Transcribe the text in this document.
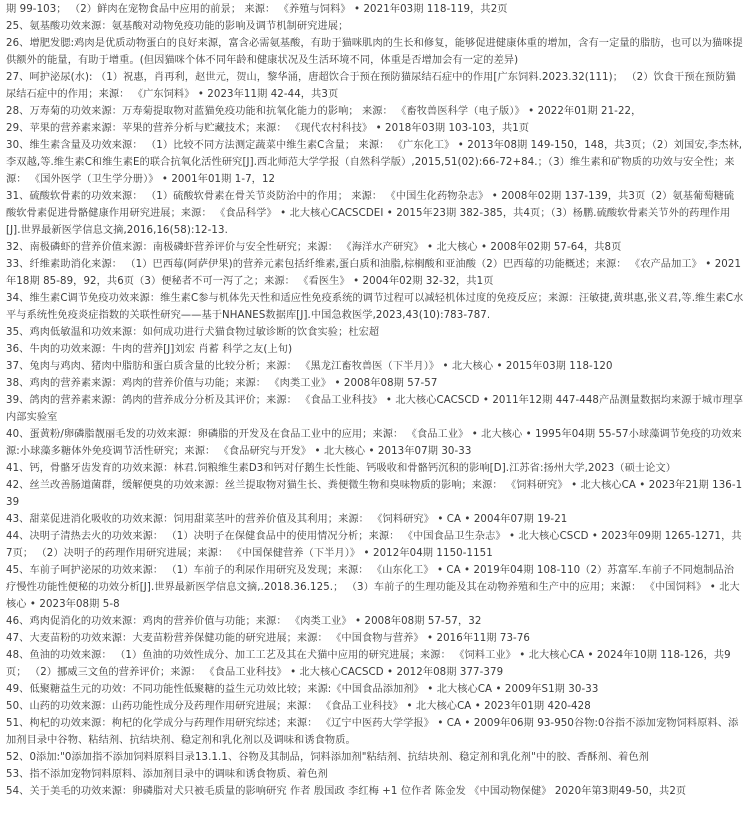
期 99-103； （2）鲜肉在宠物食品中应用的前景； 来源： 《养殖与饲料》 • 2021年03期 118-119，共2页

25、氨基酸功效来源：氨基酸对动物免疫功能的影响及调节机制研究进展；

26、增肥发腮:鸡肉是优质动物蛋白的良好来源，富含必需氨基酸，有助于猫咪肌肉的生长和修复，能够促进健康体重的增加，含有一定量的脂肪，也可以为猫咪提供额外的能量，有助于增重。(但因猫咪个体不同年龄和健康状况及生活环境不同，体重是否增加会有一定的差异)

27、呵护泌尿(水): （1）祝惠，肖再利，赵世元，贺山，黎华涌，唐超饮合于预在预防猫尿结石症中的作用[广东饲料.2023.32(111)； （2）饮食干预在预防猫尿结石症中的作用；来源： 《广东饲料》 • 2023年11期 42-44，共3页

28、万寿菊的功效来源：万寿菊提取物对蓝猫免疫功能和抗氧化能力的影响； 来源： 《畜牧兽医科学（电子版）》 • 2022年01期 21-22，

29、苹果的营养素来源：苹果的营养分析与贮藏技术；来源： 《现代农村科技》 • 2018年03期 103-103，共1页

30、维生素含量及功效来源： （1）比较不同方法测定蔬菜中维生素C含量； 来源： 《广东化工》 • 2013年08期 149-150，148，共3页；（2）刘国安,李杰林,李双越,等.维生素C和维生素E的联合抗氧化活性研究[J].西北师范大学学报（自然科学版）,2015,51(02):66-72+84.；（3）维生素和矿物质的功效与安全性；来源： 《国外医学（卫生学分册）》 • 2001年01期 1-7，12

31、硫酸软骨素的功效来源： （1）硫酸软骨素在骨关节炎防治中的作用； 来源： 《中国生化药物杂志》 • 2008年02期 137-139，共3页（2）氨基葡萄糖硫酸软骨素促进骨骼健康作用研究进展；来源： 《食品科学》 • 北大核心CACSCDEI • 2015年23期 382-385，共4页；（3）杨鹏.硫酸软骨素关节外的药理作用[J].世界最新医学信息文摘,2016,16(58):12-13.

32、南极磷虾的营养价值来源：南极磷虾营养评价与安全性研究；来源： 《海洋水产研究》 • 北大核心 • 2008年02期 57-64，共8页

33、纤维素助消化来源： （1）巴西莓(阿萨伊果)的营养元素包括纤维素,蛋白质和油脂,棕榈酸和亚油酸（2）巴西莓的功能概述；来源： 《农产品加工》 • 2021年18期 85-89，92，共6页（3）便秘者不可一泻了之；来源： 《看医生》 • 2004年02期 32-32，共1页

34、维生素C调节免疫功效来源：维生素C参与机体先天性和适应性免疫系统的调节过程可以减轻机体过度的免疫反应；来源：汪敏捷,黄琪惠,张义君,等.维生素C水平与系统性免疫炎症指数的关联性研究——基于NHANES数据库[J].中国急救医学,2023,43(10):783-787.

35、鸡肉低敏温和功效来源：如何成功进行犬猫食物过敏诊断的饮食实验；杜宏超

36、牛肉的功效来源：牛肉的营养[J]刘宏 肖蓄 科学之友(上旬)

37、兔肉与鸡肉、猪肉中脂肪和蛋白质含量的比较分析；来源： 《黑龙江畜牧兽医（下半月）》 • 北大核心 • 2015年03期 118-120

38、鸡肉的营养素来源：鸡肉的营养价值与功能；来源： 《肉类工业》 • 2008年08期 57-57

39、鸽肉的营养素来源：鸽肉的营养成分分析及其评价；来源： 《食品工业科技》 • 北大核心CACSCD • 2011年12期 447-448产品测量数据均来源于城市理享内部实验室

40、蛋黄粉/卵磷脂靓丽毛发的功效来源：卵磷脂的开发及在食品工业中的应用；来源： 《食品工业》 • 北大核心 • 1995年04期 55-57小球藻调节免疫的功效来源:小球藻多糖体外免疫调节活性研究；来源： 《食品研究与开发》 • 北大核心 • 2013年07期 30-33

41、钙，骨骼牙齿发育的功效来源：林君.饲粮维生素D3和钙对仔鹅生长性能、钙吸收和骨骼钙沉积的影响[D].江苏省:扬州大学,2023（硕士论文）

42、丝兰改善肠道菌群，缓解便臭的功效来源：丝兰提取物对猫生长、粪便微生物和臭味物质的影响；来源： 《饲料研究》 • 北大核心CA • 2023年21期 136-139

43、甜菜促进消化吸收的功效来源：饲用甜菜茎叶的营养价值及其利用；来源： 《饲料研究》 • CA • 2004年07期 19-21

44、决明子清热去火的功效来源： （1）决明子在保健食品中的使用情况分析；来源： 《中国食品卫生杂志》 • 北大核心CSCD • 2023年09期 1265-1271，共7页； （2）决明子的药理作用研究进展；来源： 《中国保健营养（下半月）》 • 2012年04期 1150-1151

45、车前子呵护泌尿的功效来源： （1）车前子的利尿作用研究及发现；来源： 《山东化工》 • CA • 2019年04期 108-110（2）苏富军.车前子不同炮制品治疗慢性功能性便秘的功效分析[J].世界最新医学信息文摘,.2018.36.125.； （3）车前子的生理功能及其在动物养殖和生产中的应用；来源： 《中国饲料》 • 北大核心 • 2023年08期 5-8

46、鸡肉促消化的功效来源：鸡肉的营养价值与功能；来源： 《肉类工业》 • 2008年08期 57-57，32

47、大麦苗粉的功效来源：大麦苗粉营养保健功能的研究进展；来源： 《中国食物与营养》 • 2016年11期 73-76

48、鱼油的功效来源： （1）鱼油的功效性成分、加工工艺及其在犬猫中应用的研究进展；来源： 《饲料工业》 • 北大核心CA • 2024年10期 118-126，共9页； （2）挪威三文鱼的营养评价；来源： 《食品工业科技》 • 北大核心CACSCD • 2012年08期 377-379

49、低聚糖益生元的功效：不同功能性低聚糖的益生元功效比较；来源:《中国食品添加剂》 • 北大核心CA • 2009年S1期 30-33

50、山药的功效来源：山药功能性成分及药理作用研究进展；来源： 《食品工业科技》 • 北大核心CA • 2023年01期 420-428

51、枸杞的功效来源：枸杞的化学成分与药理作用研究综述；来源： 《辽宁中医药大学学报》 • CA • 2009年06期 93-950谷物:0谷指不添加宠物饲料原料、添加剂目录中谷物、粘结剂、抗结块剂、稳定剂和乳化剂以及调味和诱食物质。

52、0添加:"0添加指不添加饲料原料目录13.1.1、谷物及其制品，饲料添加剂"粘结剂、抗结块剂、稳定剂和乳化剂"中的胶、香酥剂、着色剂

53、指不添加宠物饲料原料、添加剂目录中的调味和诱食物质、着色剂

54、关于美毛的功效来源：卵磷脂对犬只被毛质量的影响研究 作者 殷国政 李红梅 +1 位作者 陈金发 《中国动物保健》 2020年第3期49-50，共2页
